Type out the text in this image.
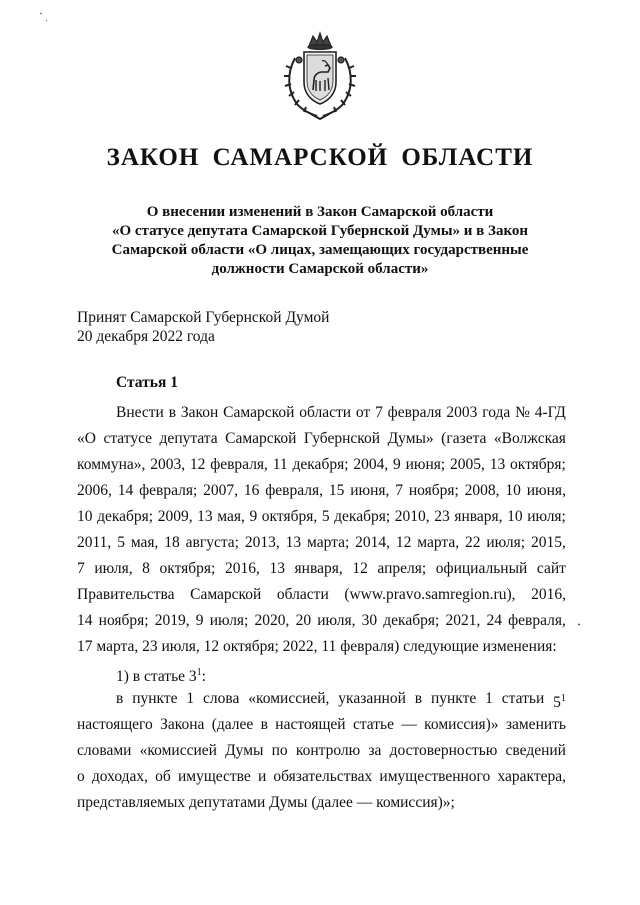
ЗАКОН САМАРСКОЙ ОБЛАСТИ
О внесении изменений в Закон Самарской области
«О статусе депутата Самарской Губернской Думы» и в Закон
Самарской области «О лицах, замещающих государственные
должности Самарской области»
Принят Самарской Губернской Думой
20 декабря 2022 года
Статья 1
Внести в Закон Самарской области от 7 февраля 2003 года № 4-ГД
«О статусе депутата Самарской Губернской Думы» (газета «Волжская
коммуна», 2003, 12 февраля, 11 декабря; 2004, 9 июня; 2005, 13 октября;
2006, 14 февраля; 2007, 16 февраля, 15 июня, 7 ноября; 2008, 10 июня,
10 декабря; 2009, 13 мая, 9 октября, 5 декабря; 2010, 23 января, 10 июля;
2011, 5 мая, 18 августа; 2013, 13 марта; 2014, 12 марта, 22 июля; 2015,
7 июля, 8 октября; 2016, 13 января, 12 апреля; официальный сайт
Правительства Самарской области (www.pravo.samregion.ru), 2016,
14 ноября; 2019, 9 июля; 2020, 20 июля, 30 декабря; 2021, 24 февраля,
17 марта, 23 июля, 12 октября; 2022, 11 февраля) следующие изменения:
1) в статье $3^1$:
в пункте 1 слова «комиссией, указанной в пункте 1 статьи $5^1$
настоящего Закона (далее в настоящей статье — комиссия)» заменить
словами «комиссией Думы по контролю за достоверностью сведений
о доходах, об имуществе и обязательствах имущественного характера,
представляемых депутатами Думы (далее — комиссия)»;
